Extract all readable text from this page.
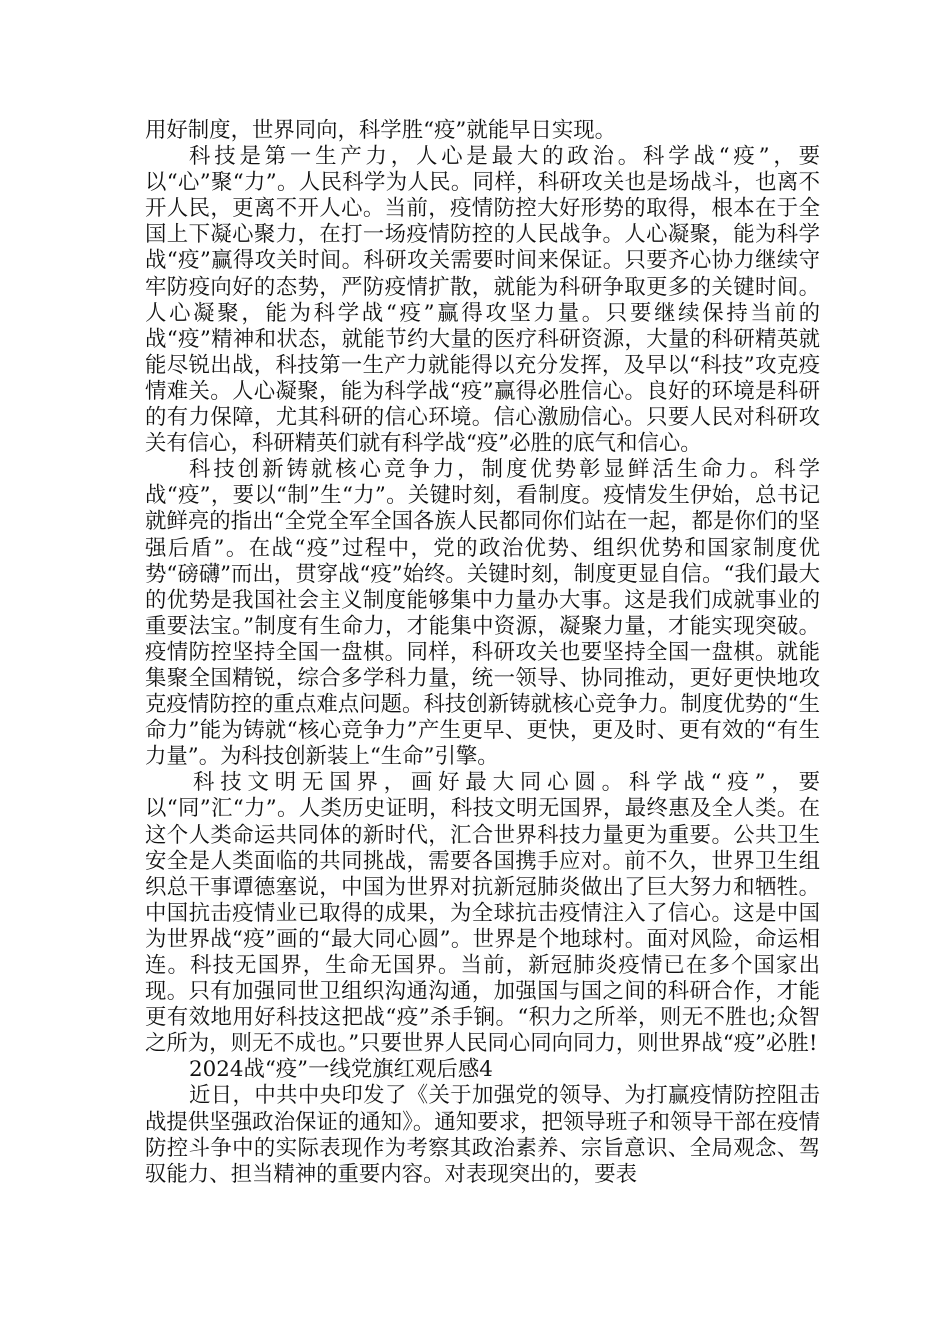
用好制度，世界同向，科学胜“疫”就能早日实现。

科技是第一生产力，人心是最大的政治。科学战“疫”，要以“心”聚“力”。人民科学为人民。同样，科研攻关也是场战斗，也离不开人民，更离不开人心。当前，疫情防控大好形势的取得，根本在于全国上下凝心聚力，在打一场疫情防控的人民战争。人心凝聚，能为科学战“疫”赢得攻关时间。科研攻关需要时间来保证。只要齐心协力继续守牢防疫向好的态势，严防疫情扩散，就能为科研争取更多的关键时间。人心凝聚，能为科学战“疫”赢得攻坚力量。只要继续保持当前的战“疫”精神和状态，就能节约大量的医疗科研资源，大量的科研精英就能尽锐出战，科技第一生产力就能得以充分发挥，及早以“科技”攻克疫情难关。人心凝聚，能为科学战“疫”赢得必胜信心。良好的环境是科研的有力保障，尤其科研的信心环境。信心激励信心。只要人民对科研攻关有信心，科研精英们就有科学战“疫”必胜的底气和信心。

科技创新铸就核心竞争力，制度优势彰显鲜活生命力。科学战“疫”，要以“制”生“力”。关键时刻，看制度。疫情发生伊始，总书记就鲜亮的指出“全党全军全国各族人民都同你们站在一起，都是你们的坚强后盾”。在战“疫”过程中，党的政治优势、组织优势和国家制度优势“磅礴”而出，贯穿战“疫”始终。关键时刻，制度更显自信。“我们最大的优势是我国社会主义制度能够集中力量办大事。这是我们成就事业的重要法宝。”制度有生命力，才能集中资源，凝聚力量，才能实现突破。疫情防控坚持全国一盘棋。同样，科研攻关也要坚持全国一盘棋。就能集聚全国精锐，综合多学科力量，统一领导、协同推动，更好更快地攻克疫情防控的重点难点问题。科技创新铸就核心竞争力。制度优势的“生命力”能为铸就“核心竞争力”产生更早、更快，更及时、更有效的“有生力量”。为科技创新装上“生命”引擎。

科技文明无国界，画好最大同心圆。科学战“疫”，要以“同”汇“力”。人类历史证明，科技文明无国界，最终惠及全人类。在这个人类命运共同体的新时代，汇合世界科技力量更为重要。公共卫生安全是人类面临的共同挑战，需要各国携手应对。前不久，世界卫生组织总干事谭德塞说，中国为世界对抗新冠肺炎做出了巨大努力和牺牲。中国抗击疫情业已取得的成果，为全球抗击疫情注入了信心。这是中国为世界战“疫”画的“最大同心圆”。世界是个地球村。面对风险，命运相连。科技无国界，生命无国界。当前，新冠肺炎疫情已在多个国家出现。只有加强同世卫组织沟通沟通，加强国与国之间的科研合作，才能更有效地用好科技这把战“疫”杀手锏。“积力之所举，则无不胜也;众智之所为，则无不成也。”只要世界人民同心同向同力，则世界战“疫”必胜!

2024战“疫”一线党旗红观后感4

近日，中共中央印发了《关于加强党的领导、为打赢疫情防控阻击战提供坚强政治保证的通知》。通知要求，把领导班子和领导干部在疫情防控斗争中的实际表现作为考察其政治素养、宗旨意识、全局观念、驾驭能力、担当精神的重要内容。对表现突出的，要表
